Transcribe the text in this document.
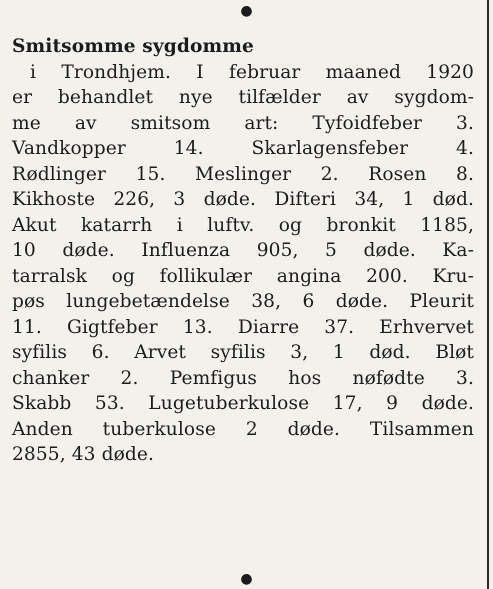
●
Smitsomme sygdomme
i Trondhjem. I februar maaned 1920
er behandlet nye tilfælder av sygdom-
me av smitsom art: Tyfoidfeber 3.
Vandkopper 14. Skarlagensfeber 4.
Rødlinger 15. Meslinger 2. Rosen 8.
Kikhoste 226, 3 døde. Difteri 34, 1 død.
Akut katarrh i luftv. og bronkit 1185,
10 døde. Influenza 905, 5 døde. Ka-
tarralsk og follikulær angina 200. Kru-
pøs lungebetændelse 38, 6 døde. Pleurit
11. Gigtfeber 13. Diarre 37. Erhvervet
syfilis 6. Arvet syfilis 3, 1 død. Bløt
chanker 2. Pemfigus hos nøfødte 3.
Skabb 53. Lugetuberkulose 17, 9 døde.
Anden tuberkulose 2 døde. Tilsammen
2855, 43 døde.
●
